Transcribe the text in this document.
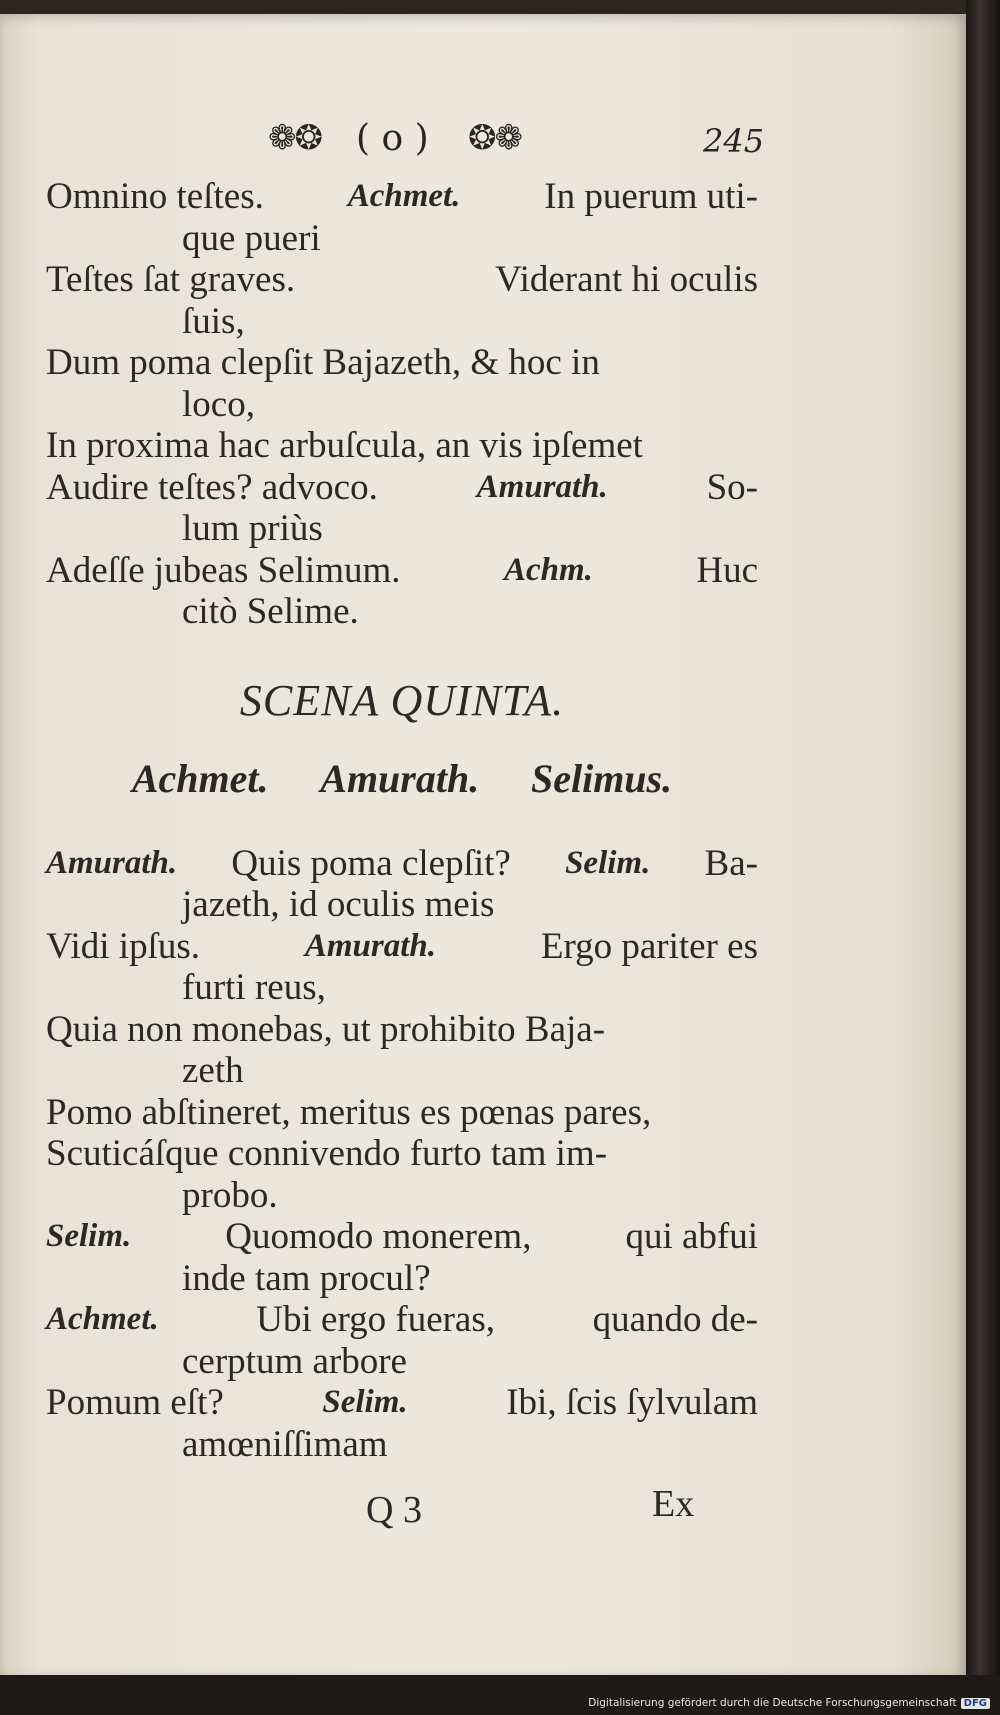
❁❂ ( o ) ❂❁	245
Omnino teſtes.	Achmet. In puerum uti-
que pueri
Teſtes ſat graves.	Viderant hi oculis
ſuis,
Dum poma clepſit Bajazeth, & hoc in
loco,
In proxima hac arbuſcula, an vis ipſemet
Audire teſtes? advoco.	Amurath.	So-
lum priùs
Adeſſe jubeas Selimum.	Achm.	Huc
citò Selime.
SCENA QUINTA.
Achmet. Amurath. Selimus.
Amurath. Quis poma clepſit? Selim. Ba-
jazeth, id oculis meis
Vidi ipſus.	Amurath.	Ergo pariter es
furti reus,
Quia non monebas, ut prohibito Baja-
zeth
Pomo abſtineret, meritus es pœnas pares,
Scuticáſque connivendo furto tam im-
probo.
Selim.	Quomodo monerem,	qui abfui
inde tam procul?
Achmet.	Ubi ergo fueras,	quando de-
cerptum arbore
Pomum eſt?	Selim.	Ibi, ſcis ſylvulam
amœniſſimam
Q 3	Ex
Digitalisierung gefördert durch die Deutsche Forschungsgemeinschaft DFG
